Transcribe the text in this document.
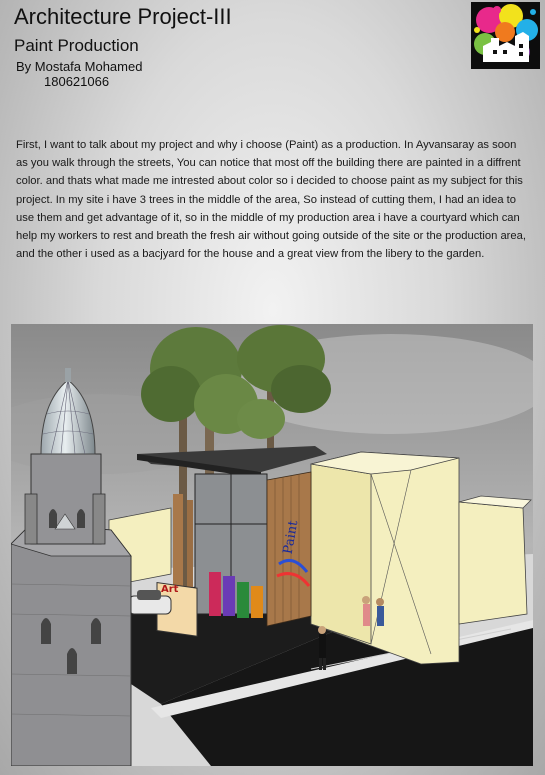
Architecture Project-III
Paint Production
By Mostafa Mohamed
180621066

First, I want to talk about my project and why i choose (Paint) as a production. In Ayvansaray as soon as you walk through the streets, You can notice that most off the building there are painted in a diffrent color. and thats what made me intrested about color so i decided to choose paint as my subject for this project. In my site i have 3 trees in the middle of the area, So instead of cutting them, I had an idea to use them and get advantage of it, so in the middle of my production area i have a courtyard which can help my workers to rest and breath the fresh air without going outside of the site or the production area, and the other i used as a bacjyard for the house and a great view from the libery to the garden.

Paint
Art
